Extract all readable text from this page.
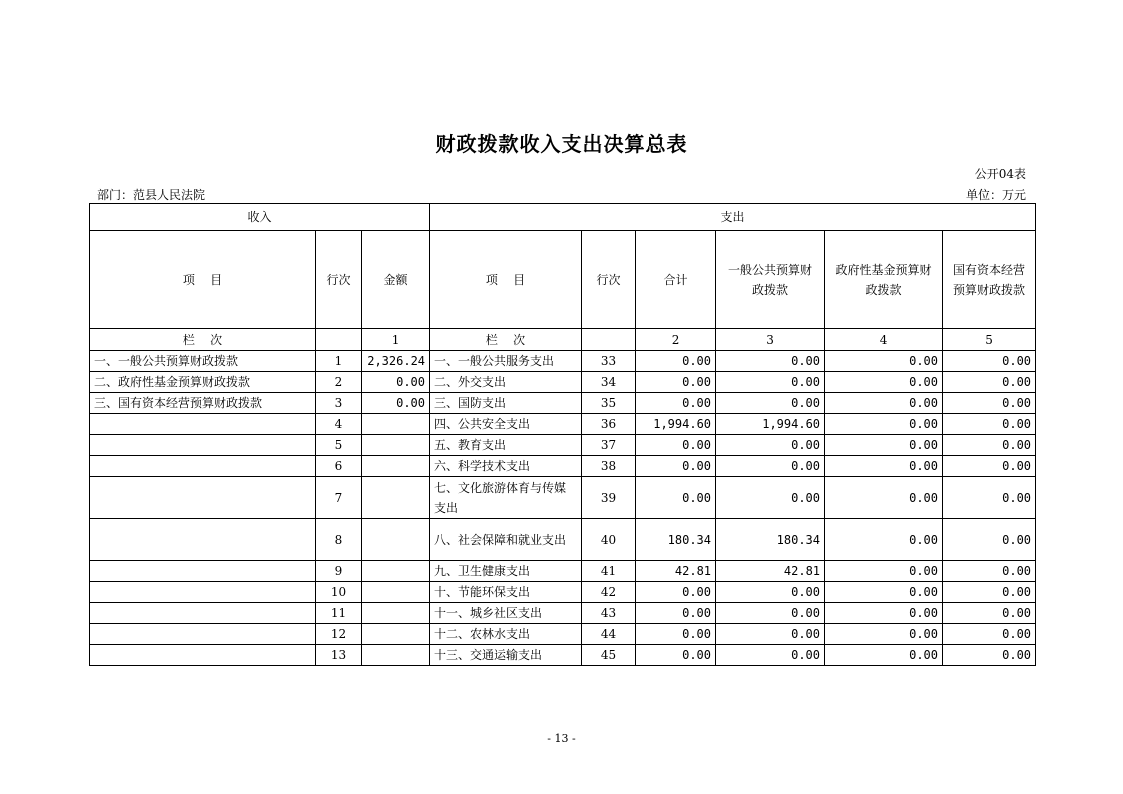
财政拨款收入支出决算总表
公开04表
部门：范县人民法院	单位：万元
收入			支出					
项    目	行次	金额	项    目	行次	合计	一般公共预算财政拨款	政府性基金预算财政拨款	国有资本经营预算财政拨款
栏    次		1	栏    次		2	3	4	5
一、一般公共预算财政拨款	1	2,326.24	一、一般公共服务支出	33	0.00	0.00	0.00	0.00
二、政府性基金预算财政拨款	2	0.00	二、外交支出	34	0.00	0.00	0.00	0.00
三、国有资本经营预算财政拨款	3	0.00	三、国防支出	35	0.00	0.00	0.00	0.00
	4		四、公共安全支出	36	1,994.60	1,994.60	0.00	0.00
	5		五、教育支出	37	0.00	0.00	0.00	0.00
	6		六、科学技术支出	38	0.00	0.00	0.00	0.00
	7		七、文化旅游体育与传媒支出	39	0.00	0.00	0.00	0.00
	8		八、社会保障和就业支出	40	180.34	180.34	0.00	0.00
	9		九、卫生健康支出	41	42.81	42.81	0.00	0.00
	10		十、节能环保支出	42	0.00	0.00	0.00	0.00
	11		十一、城乡社区支出	43	0.00	0.00	0.00	0.00
	12		十二、农林水支出	44	0.00	0.00	0.00	0.00
	13		十三、交通运输支出	45	0.00	0.00	0.00	0.00
- 13 -
